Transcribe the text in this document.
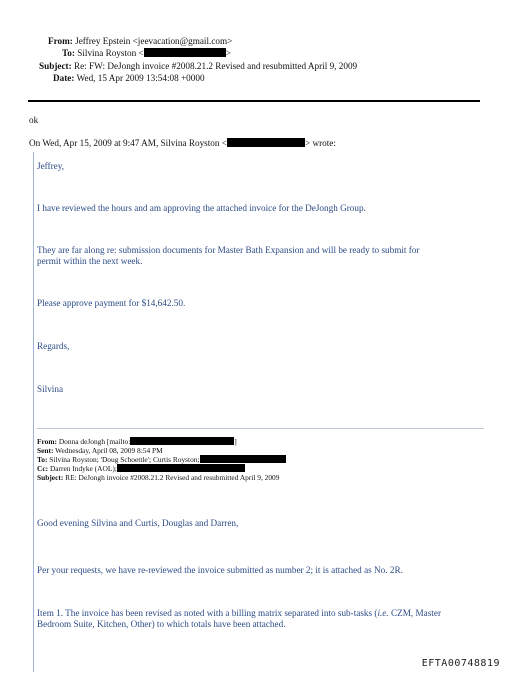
From: Jeffrey Epstein <jeevacation@gmail.com>
To: Silvina Royston <	>
Subject: Re: FW: DeJongh invoice #2008.21.2 Revised and resubmitted April 9, 2009
Date: Wed, 15 Apr 2009 13:54:08 +0000
ok
On Wed, Apr 15, 2009 at 9:47 AM, Silvina Royston <	> wrote:
Jeffrey,
I have reviewed the hours and am approving the attached invoice for the DeJongh Group.
They are far along re: submission documents for Master Bath Expansion and will be ready to submit for
permit within the next week.
Please approve payment for $14,642.50.
Regards,
Silvina
From: Donna deJongh [mailto:	]
Sent: Wednesday, April 08, 2009 8:54 PM
To: Silvina Royston; 'Doug Schoettle'; Curtis Royston;
Cc: Darren Indyke (AOL);
Subject: RE: DeJongh invoice #2008.21.2 Revised and resubmitted April 9, 2009
Good evening Silvina and Curtis, Douglas and Darren,
Per your requests, we have re-reviewed the invoice submitted as number 2; it is attached as No. 2R.
Item 1. The invoice has been revised as noted with a billing matrix separated into sub-tasks (i.e. CZM, Master
Bedroom Suite, Kitchen, Other) to which totals have been attached.
EFTA00748819
